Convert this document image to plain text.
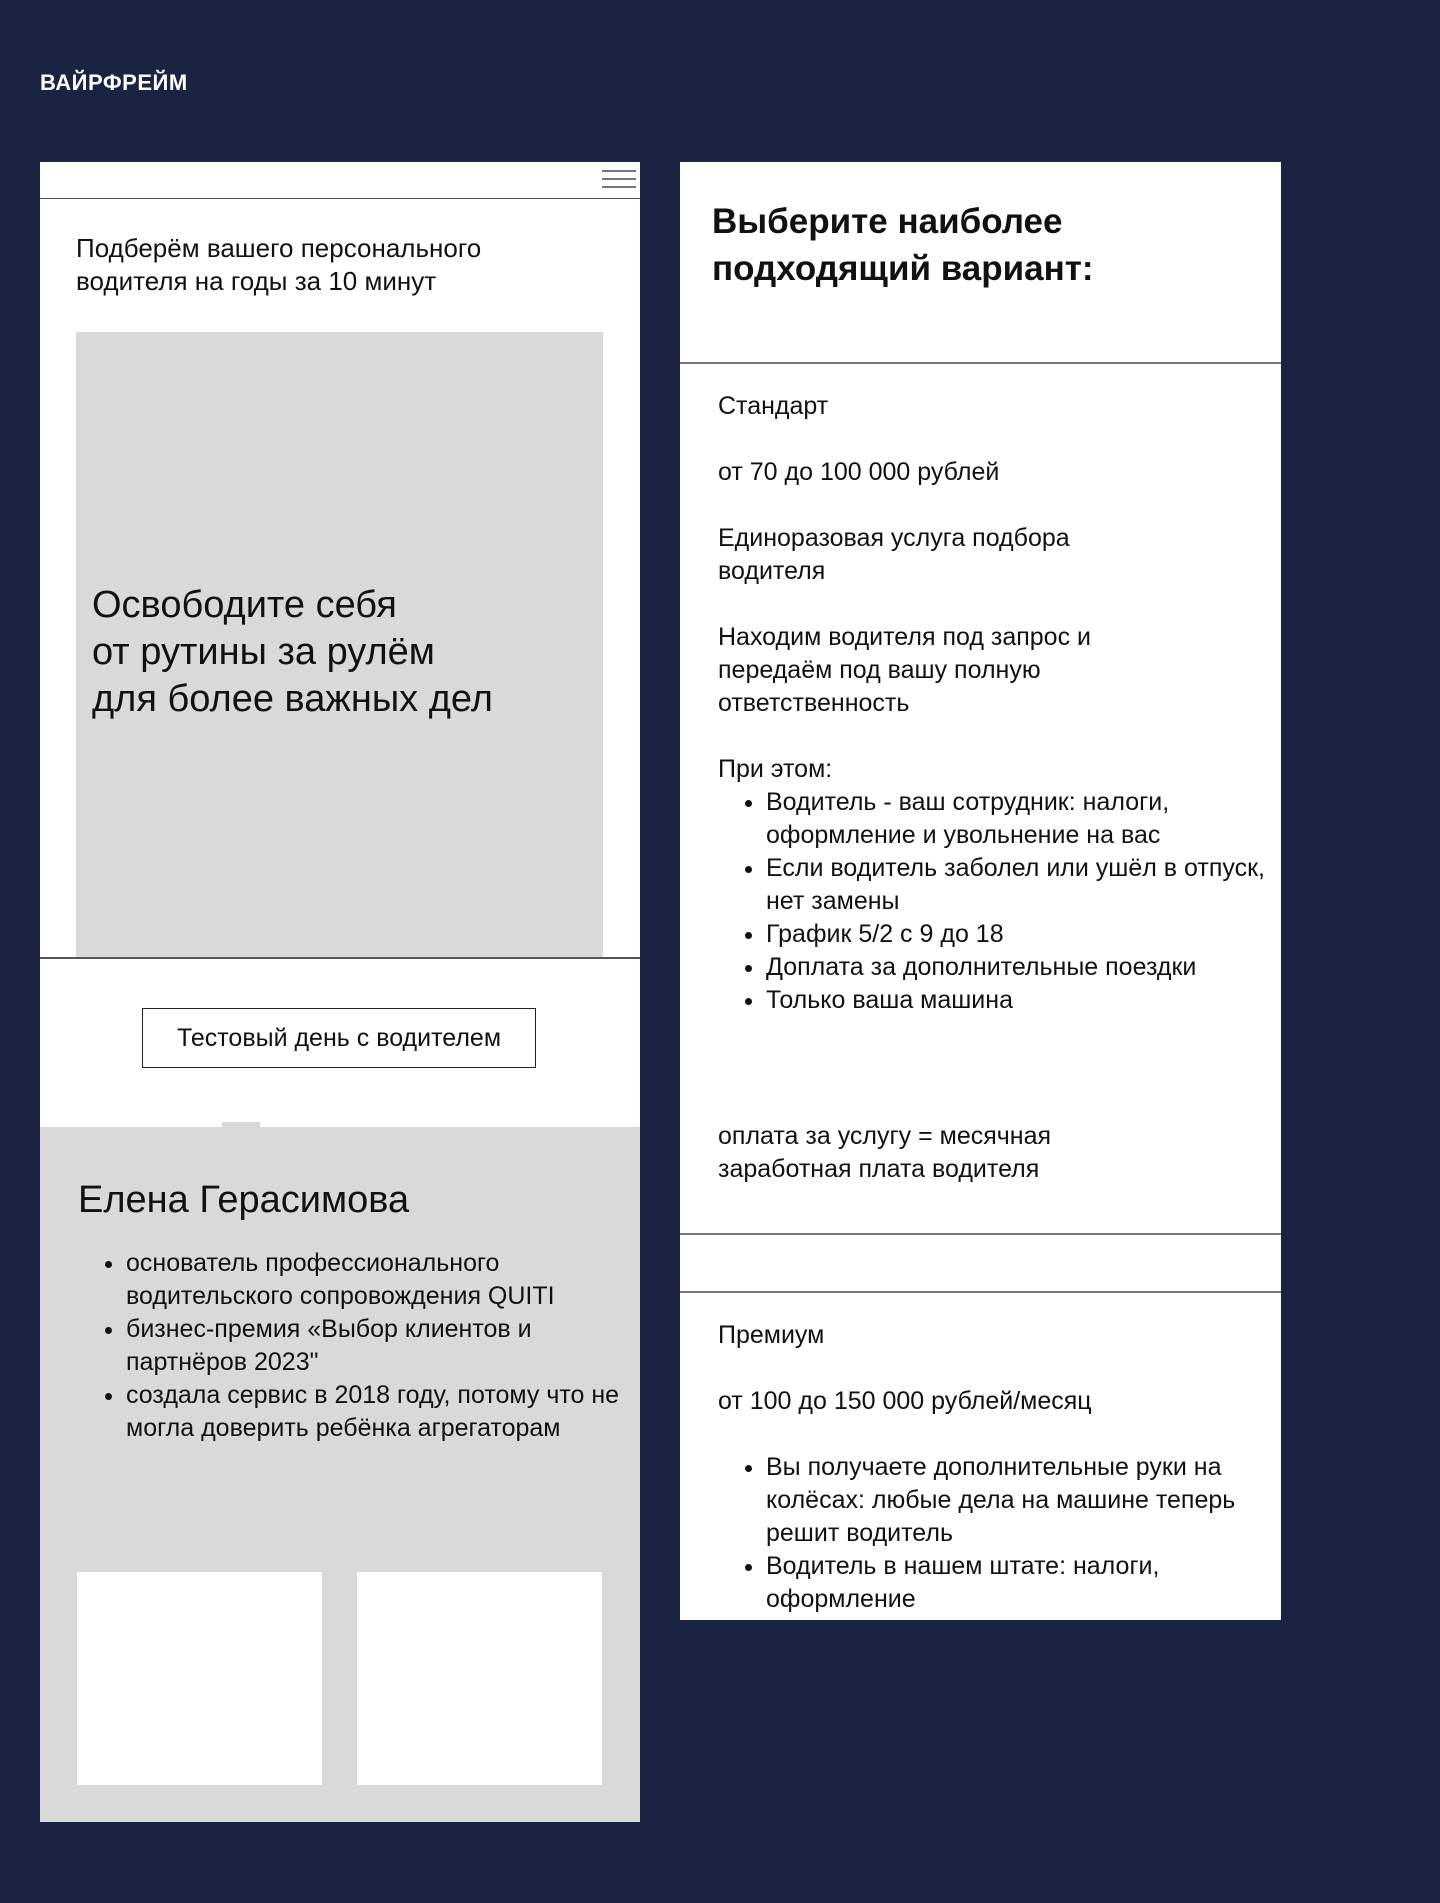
ВАЙРФРЕЙМ
Подберём вашего персонального водителя на годы за 10 минут
Освободите себя
от рутины за рулём
для более важных дел
Тестовый день с водителем
Елена Герасимова
• основатель профессионального водительского сопровождения QUITI
• бизнес-премия «Выбор клиентов и партнёров 2023"
• создала сервис в 2018 году, потому что не могла доверить ребёнка агрегаторам
Выберите наиболее подходящий вариант:
Стандарт
от 70 до 100 000 рублей
Единоразовая услуга подбора водителя
Находим водителя под запрос и передаём под вашу полную ответственность
При этом:
• Водитель - ваш сотрудник: налоги, оформление и увольнение на вас
• Если водитель заболел или ушёл в отпуск, нет замены
• График 5/2 с 9 до 18
• Доплата за дополнительные поездки
• Только ваша машина
оплата за услугу = месячная заработная плата водителя
Премиум
от 100 до 150 000 рублей/месяц
• Вы получаете дополнительные руки на колёсах: любые дела на машине теперь решит водитель
• Водитель в нашем штате: налоги, оформление
